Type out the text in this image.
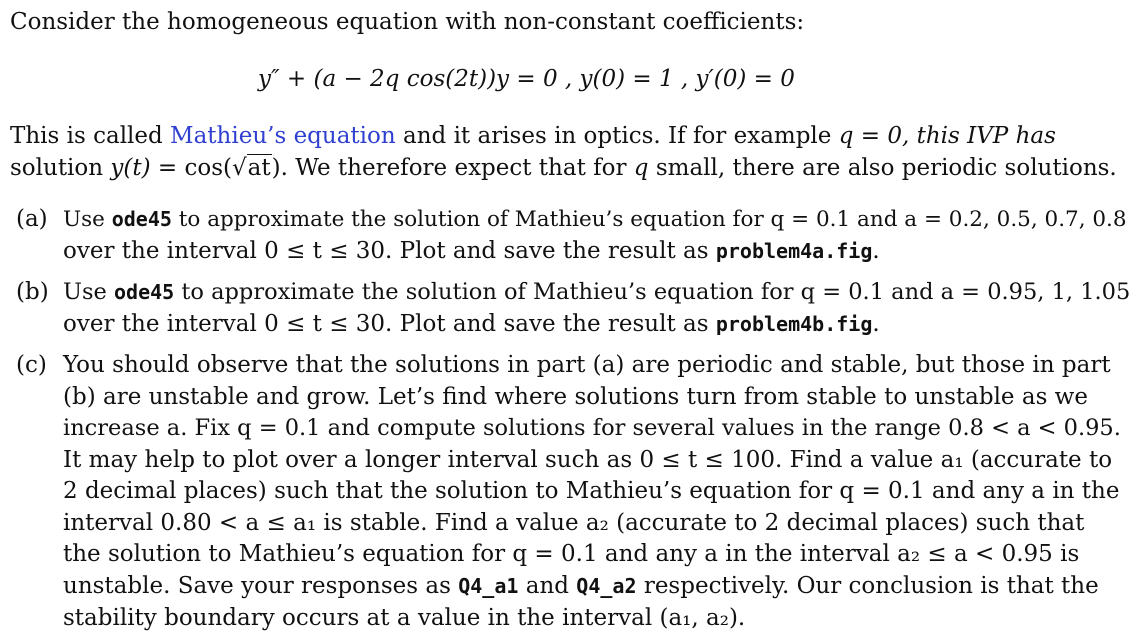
Consider the homogeneous equation with non-constant coefficients:
y″ + (a − 2q cos(2t))y = 0 , y(0) = 1 , y′(0) = 0
This is called Mathieu’s equation and it arises in optics. If for example q = 0, this IVP has
solution y(t) = cos(√at). We therefore expect that for q small, there are also periodic solutions.
(a) Use ode45 to approximate the solution of Mathieu’s equation for q = 0.1 and a = 0.2, 0.5, 0.7, 0.8
over the interval 0 ≤ t ≤ 30. Plot and save the result as problem4a.fig.
(b) Use ode45 to approximate the solution of Mathieu’s equation for q = 0.1 and a = 0.95, 1, 1.05
over the interval 0 ≤ t ≤ 30. Plot and save the result as problem4b.fig.
(c) You should observe that the solutions in part (a) are periodic and stable, but those in part
(b) are unstable and grow. Let’s find where solutions turn from stable to unstable as we
increase a. Fix q = 0.1 and compute solutions for several values in the range 0.8 < a < 0.95.
It may help to plot over a longer interval such as 0 ≤ t ≤ 100. Find a value a₁ (accurate to
2 decimal places) such that the solution to Mathieu’s equation for q = 0.1 and any a in the
interval 0.80 < a ≤ a₁ is stable. Find a value a₂ (accurate to 2 decimal places) such that
the solution to Mathieu’s equation for q = 0.1 and any a in the interval a₂ ≤ a < 0.95 is
unstable. Save your responses as Q4_a1 and Q4_a2 respectively. Our conclusion is that the
stability boundary occurs at a value in the interval (a₁, a₂).
